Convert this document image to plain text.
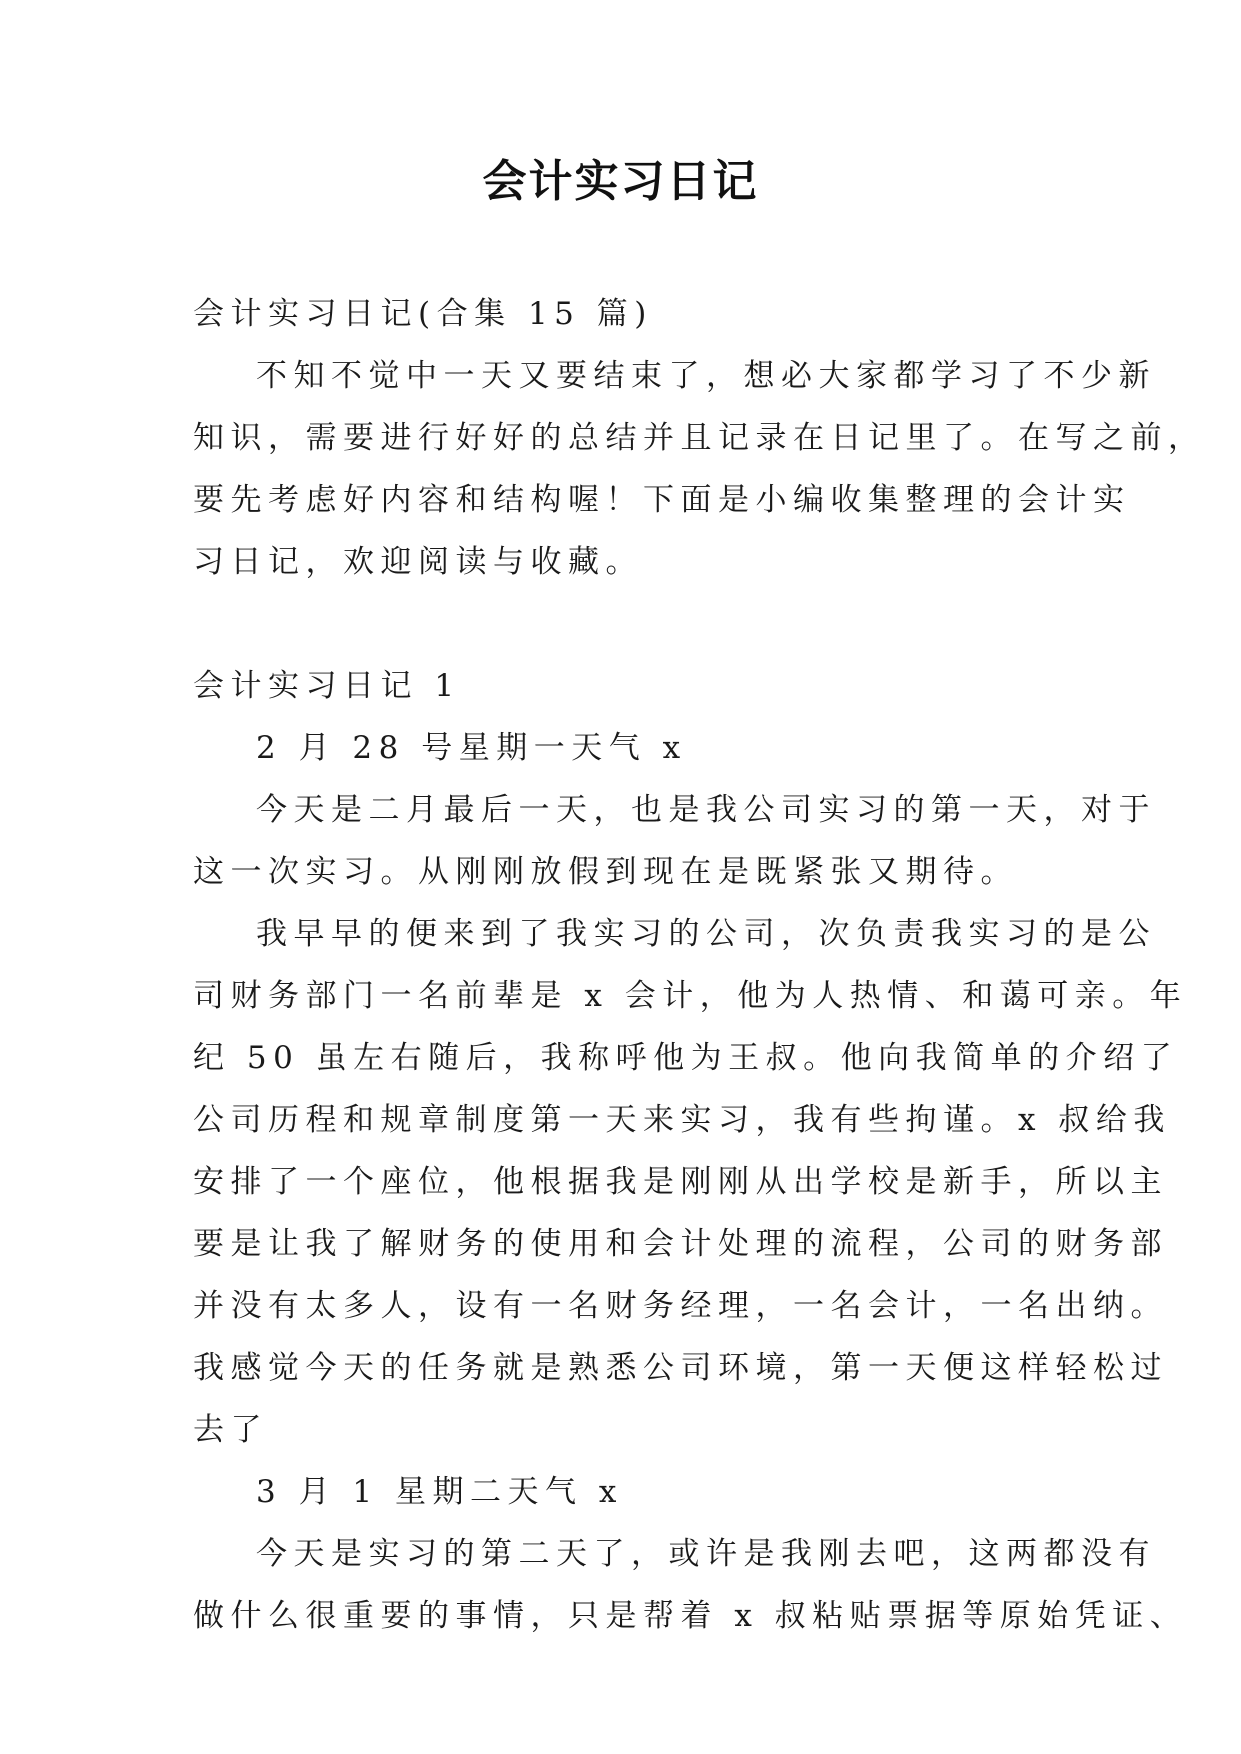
会计实习日记
会计实习日记(合集 15 篇)
不知不觉中一天又要结束了，想必大家都学习了不少新
知识，需要进行好好的总结并且记录在日记里了。在写之前，
要先考虑好内容和结构喔！下面是小编收集整理的会计实
习日记，欢迎阅读与收藏。
会计实习日记 1
2 月 28 号星期一天气 x
今天是二月最后一天，也是我公司实习的第一天，对于
这一次实习。从刚刚放假到现在是既紧张又期待。
我早早的便来到了我实习的公司，次负责我实习的是公
司财务部门一名前辈是 x 会计，他为人热情、和蔼可亲。年
纪 50 虽左右随后，我称呼他为王叔。他向我简单的介绍了
公司历程和规章制度第一天来实习，我有些拘谨。x 叔给我
安排了一个座位，他根据我是刚刚从出学校是新手，所以主
要是让我了解财务的使用和会计处理的流程，公司的财务部
并没有太多人，设有一名财务经理，一名会计，一名出纳。
我感觉今天的任务就是熟悉公司环境，第一天便这样轻松过
去了
3 月 1 星期二天气 x
今天是实习的第二天了，或许是我刚去吧，这两都没有
做什么很重要的事情，只是帮着 x 叔粘贴票据等原始凭证、
